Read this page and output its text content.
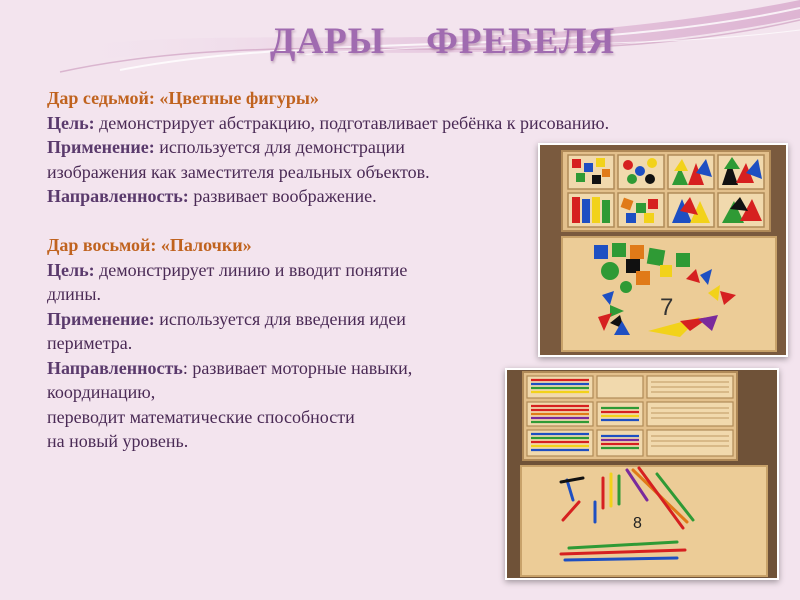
ДАРЫ    ФРЕБЕЛЯ

Дар седьмой: «Цветные фигуры»

Цель: демонстрирует абстракцию, подготавливает ребёнка к рисованию.

Применение: используется для демонстрации

изображения как заместителя реальных объектов.

Направленность: развивает воображение.

Дар восьмой: «Палочки»

Цель: демонстрирует линию и вводит понятие

длины.

Применение: используется для введения идеи

периметра.

Направленность: развивает моторные навыки,

координацию,

переводит математические способности

на новый уровень.

7
8
